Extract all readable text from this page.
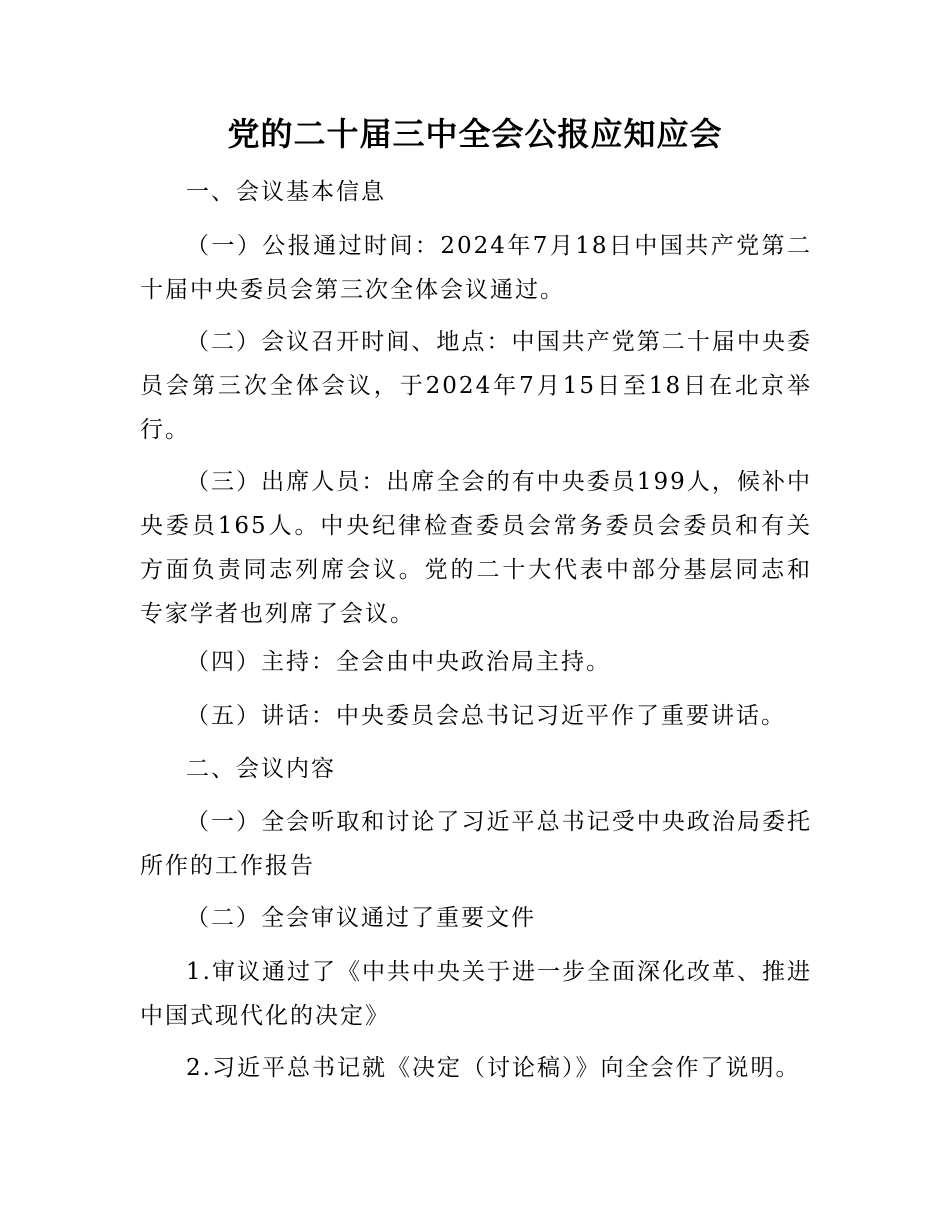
党的二十届三中全会公报应知应会

一、会议基本信息

（一）公报通过时间：2024年7月18日中国共产党第二十届中央委员会第三次全体会议通过。

（二）会议召开时间、地点：中国共产党第二十届中央委员会第三次全体会议，于2024年7月15日至18日在北京举行。

（三）出席人员：出席全会的有中央委员199人，候补中央委员165人。中央纪律检查委员会常务委员会委员和有关方面负责同志列席会议。党的二十大代表中部分基层同志和专家学者也列席了会议。

（四）主持：全会由中央政治局主持。

（五）讲话：中央委员会总书记习近平作了重要讲话。

二、会议内容

（一）全会听取和讨论了习近平总书记受中央政治局委托所作的工作报告

（二）全会审议通过了重要文件

1.审议通过了《中共中央关于进一步全面深化改革、推进中国式现代化的决定》

2.习近平总书记就《决定（讨论稿）》向全会作了说明。
